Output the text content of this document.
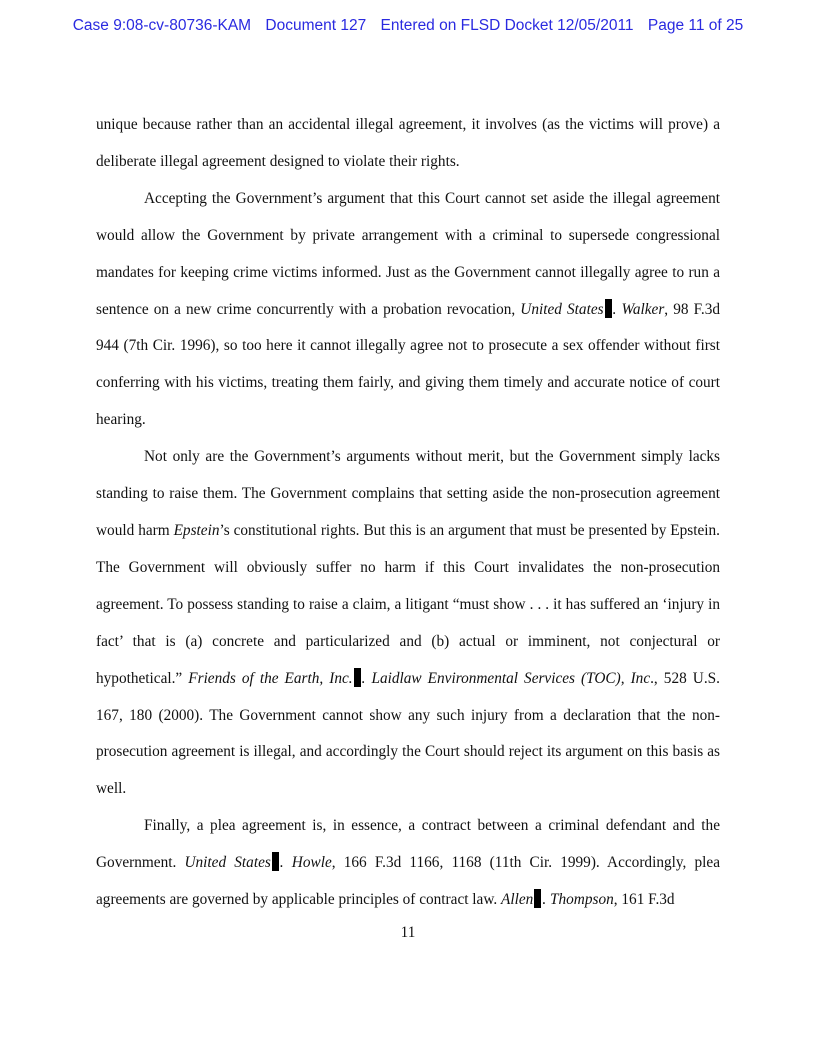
Case 9:08-cv-80736-KAM Document 127 Entered on FLSD Docket 12/05/2011 Page 11 of 25

unique because rather than an accidental illegal agreement, it involves (as the victims will prove) a deliberate illegal agreement designed to violate their rights.

Accepting the Government’s argument that this Court cannot set aside the illegal agreement would allow the Government by private arrangement with a criminal to supersede congressional mandates for keeping crime victims informed. Just as the Government cannot illegally agree to run a sentence on a new crime concurrently with a probation revocation, United States . Walker, 98 F.3d 944 (7th Cir. 1996), so too here it cannot illegally agree not to prosecute a sex offender without first conferring with his victims, treating them fairly, and giving them timely and accurate notice of court hearing.

Not only are the Government’s arguments without merit, but the Government simply lacks standing to raise them. The Government complains that setting aside the non-prosecution agreement would harm Epstein’s constitutional rights. But this is an argument that must be presented by Epstein. The Government will obviously suffer no harm if this Court invalidates the non-prosecution agreement. To possess standing to raise a claim, a litigant “must show . . . it has suffered an ‘injury in fact’ that is (a) concrete and particularized and (b) actual or imminent, not conjectural or hypothetical.” Friends of the Earth, Inc. . Laidlaw Environmental Services (TOC), Inc., 528 U.S. 167, 180 (2000). The Government cannot show any such injury from a declaration that the non-prosecution agreement is illegal, and accordingly the Court should reject its argument on this basis as well.

Finally, a plea agreement is, in essence, a contract between a criminal defendant and the Government. United States . Howle, 166 F.3d 1166, 1168 (11th Cir. 1999). Accordingly, plea agreements are governed by applicable principles of contract law. Allen . Thompson, 161 F.3d

11
